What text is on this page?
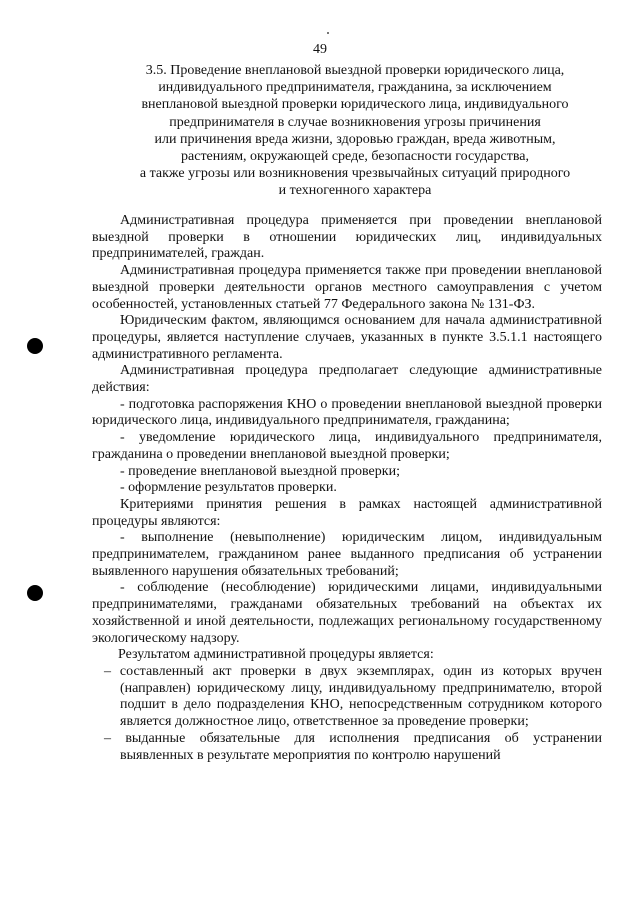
49
3.5. Проведение внеплановой выездной проверки юридического лица,
индивидуального предпринимателя, гражданина, за исключением
внеплановой выездной проверки юридического лица, индивидуального
предпринимателя в случае возникновения угрозы причинения
или причинения вреда жизни, здоровью граждан, вреда животным,
растениям, окружающей среде, безопасности государства,
а также угрозы или возникновения чрезвычайных ситуаций природного
и техногенного характера

Административная процедура применяется при проведении внеплановой выездной проверки в отношении юридических лиц, индивидуальных предпринимателей, граждан.

Административная процедура применяется также при проведении внеплановой выездной проверки деятельности органов местного самоуправления с учетом особенностей, установленных статьей 77 Федерального закона № 131-ФЗ.

Юридическим фактом, являющимся основанием для начала административной процедуры, является наступление случаев, указанных в пункте 3.5.1.1 настоящего административного регламента.

Административная процедура предполагает следующие административные действия:

- подготовка распоряжения КНО о проведении внеплановой выездной проверки юридического лица, индивидуального предпринимателя, гражданина;

- уведомление юридического лица, индивидуального предпринимателя, гражданина о проведении внеплановой выездной проверки;

- проведение внеплановой выездной проверки;

- оформление результатов проверки.

Критериями принятия решения в рамках настоящей административной процедуры являются:

- выполнение (невыполнение) юридическим лицом, индивидуальным предпринимателем, гражданином ранее выданного предписания об устранении выявленного нарушения обязательных требований;

- соблюдение (несоблюдение) юридическими лицами, индивидуальными предпринимателями, гражданами обязательных требований на объектах их хозяйственной и иной деятельности, подлежащих региональному государственному экологическому надзору.

Результатом административной процедуры является:

– составленный акт проверки в двух экземплярах, один из которых вручен (направлен) юридическому лицу, индивидуальному предпринимателю, второй подшит в дело подразделения КНО, непосредственным сотрудником которого является должностное лицо, ответственное за проведение проверки;

– выданные обязательные для исполнения предписания об устранении выявленных в результате мероприятия по контролю нарушений
